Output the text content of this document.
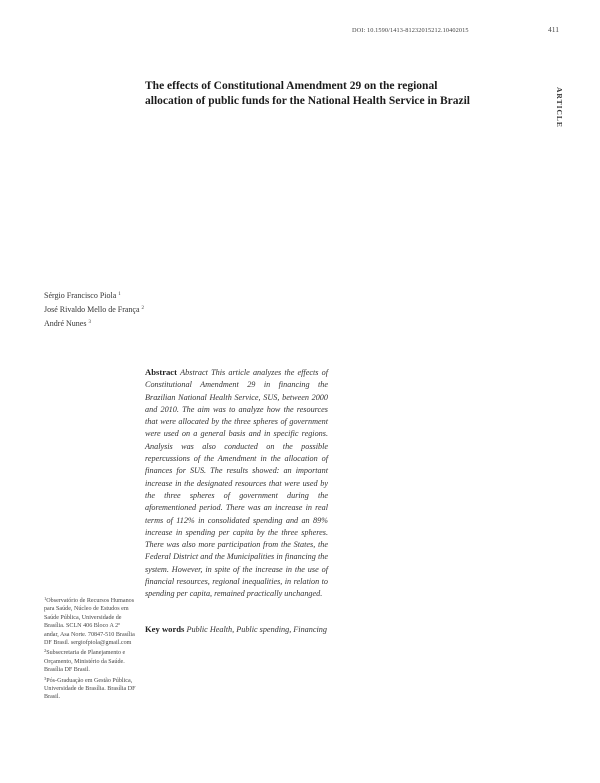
DOI: 10.1590/1413-81232015212.10402015	411
ARTICLE
The effects of Constitutional Amendment 29 on the regional allocation of public funds for the National Health Service in Brazil
Sérgio Francisco Piola $^1$
José Rivaldo Mello de França $^2$
André Nunes $^3$

Abstract Abstract This article analyzes the effects of Constitutional Amendment 29 in financing the Brazilian National Health Service, SUS, between 2000 and 2010. The aim was to analyze how the resources that were allocated by the three spheres of government were used on a general basis and in specific regions. Analysis was also conducted on the possible repercussions of the Amendment in the allocation of finances for SUS. The results showed: an important increase in the designated resources that were used by the three spheres of government during the aforementioned period. There was an increase in real terms of 112% in consolidated spending and an 89% increase in spending per capita by the three spheres. There was also more participation from the States, the Federal District and the Municipalities in financing the system. However, in spite of the increase in the use of financial resources, regional inequalities, in relation to spending per capita, remained practically unchanged.

Key words Public Health, Public spending, Financing

$^1$Observatório de Recursos Humanos para Saúde, Núcleo de Estudos em Saúde Pública, Universidade de Brasília. SCLN 406 Bloco A 2º andar, Asa Norte. 70847-510 Brasília DF Brasil. sergiofpiola@gmail.com

$^2$Subsecretaria de Planejamento e Orçamento, Ministério da Saúde. Brasília DF Brasil.

$^3$Pós-Graduação em Gestão Pública, Universidade de Brasília. Brasília DF Brasil.
